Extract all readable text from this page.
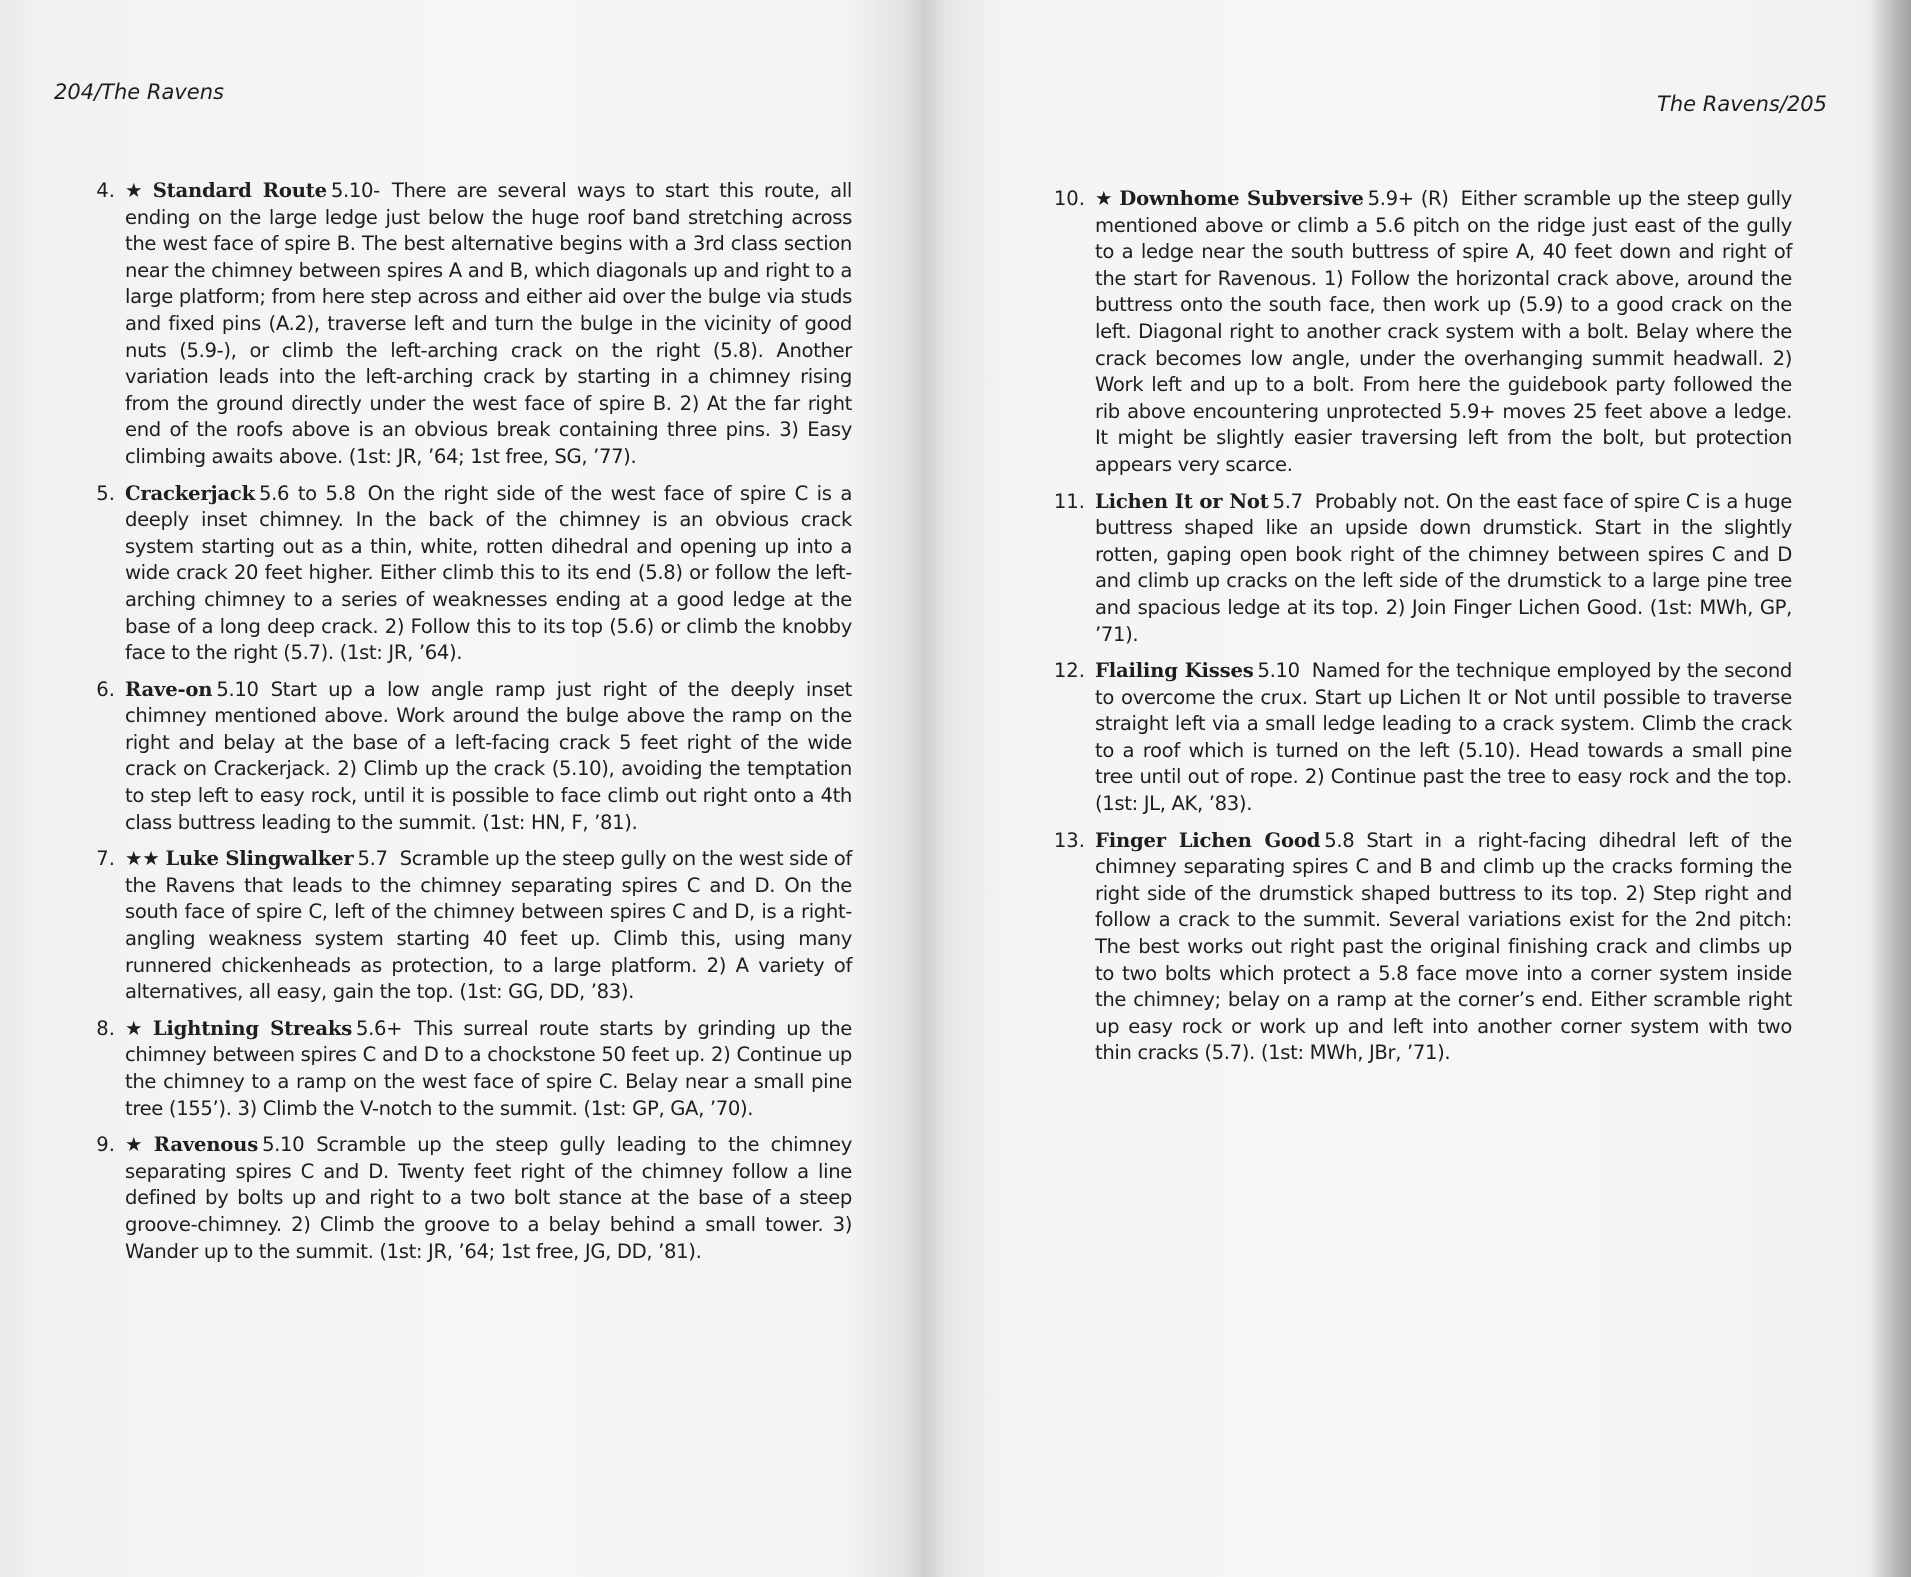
204/The Ravens
4. ★ Standard Route 5.10- There are several ways to start this route, all ending on the large ledge just below the huge roof band stretching across the west face of spire B. The best alternative begins with a 3rd class section near the chimney between spires A and B, which diagonals up and right to a large platform; from here step across and either aid over the bulge via studs and fixed pins (A.2), traverse left and turn the bulge in the vicinity of good nuts (5.9-), or climb the left-arching crack on the right (5.8). Another variation leads into the left-arching crack by starting in a chimney rising from the ground directly under the west face of spire B. 2) At the far right end of the roofs above is an obvious break containing three pins. 3) Easy climbing awaits above. (1st: JR, ’64; 1st free, SG, ’77).
5. Crackerjack 5.6 to 5.8 On the right side of the west face of spire C is a deeply inset chimney. In the back of the chimney is an obvious crack system starting out as a thin, white, rotten dihedral and opening up into a wide crack 20 feet higher. Either climb this to its end (5.8) or follow the left-arching chimney to a series of weaknesses ending at a good ledge at the base of a long deep crack. 2) Follow this to its top (5.6) or climb the knobby face to the right (5.7). (1st: JR, ’64).
6. Rave-on 5.10 Start up a low angle ramp just right of the deeply inset chimney mentioned above. Work around the bulge above the ramp on the right and belay at the base of a left-facing crack 5 feet right of the wide crack on Crackerjack. 2) Climb up the crack (5.10), avoiding the temptation to step left to easy rock, until it is possible to face climb out right onto a 4th class buttress leading to the summit. (1st: HN, F, ’81).
7. ★★ Luke Slingwalker 5.7 Scramble up the steep gully on the west side of the Ravens that leads to the chimney separating spires C and D. On the south face of spire C, left of the chimney between spires C and D, is a right-angling weakness system starting 40 feet up. Climb this, using many runnered chickenheads as protection, to a large platform. 2) A variety of alternatives, all easy, gain the top. (1st: GG, DD, ’83).
8. ★ Lightning Streaks 5.6+ This surreal route starts by grinding up the chimney between spires C and D to a chockstone 50 feet up. 2) Continue up the chimney to a ramp on the west face of spire C. Belay near a small pine tree (155’). 3) Climb the V-notch to the summit. (1st: GP, GA, ’70).
9. ★ Ravenous 5.10 Scramble up the steep gully leading to the chimney separating spires C and D. Twenty feet right of the chimney follow a line defined by bolts up and right to a two bolt stance at the base of a steep groove-chimney. 2) Climb the groove to a belay behind a small tower. 3) Wander up to the summit. (1st: JR, ’64; 1st free, JG, DD, ’81).
The Ravens/205
10. ★ Downhome Subversive 5.9+ (R) Either scramble up the steep gully mentioned above or climb a 5.6 pitch on the ridge just east of the gully to a ledge near the south buttress of spire A, 40 feet down and right of the start for Ravenous. 1) Follow the horizontal crack above, around the buttress onto the south face, then work up (5.9) to a good crack on the left. Diagonal right to another crack system with a bolt. Belay where the crack becomes low angle, under the overhanging summit headwall. 2) Work left and up to a bolt. From here the guidebook party followed the rib above encountering unprotected 5.9+ moves 25 feet above a ledge. It might be slightly easier traversing left from the bolt, but protection appears very scarce.
11. Lichen It or Not 5.7 Probably not. On the east face of spire C is a huge buttress shaped like an upside down drumstick. Start in the slightly rotten, gaping open book right of the chimney between spires C and D and climb up cracks on the left side of the drumstick to a large pine tree and spacious ledge at its top. 2) Join Finger Lichen Good. (1st: MWh, GP, ’71).
12. Flailing Kisses 5.10 Named for the technique employed by the second to overcome the crux. Start up Lichen It or Not until possible to traverse straight left via a small ledge leading to a crack system. Climb the crack to a roof which is turned on the left (5.10). Head towards a small pine tree until out of rope. 2) Continue past the tree to easy rock and the top. (1st: JL, AK, ’83).
13. Finger Lichen Good 5.8 Start in a right-facing dihedral left of the chimney separating spires C and B and climb up the cracks forming the right side of the drumstick shaped buttress to its top. 2) Step right and follow a crack to the summit. Several variations exist for the 2nd pitch: The best works out right past the original finishing crack and climbs up to two bolts which protect a 5.8 face move into a corner system inside the chimney; belay on a ramp at the corner’s end. Either scramble right up easy rock or work up and left into another corner system with two thin cracks (5.7). (1st: MWh, JBr, ’71).
